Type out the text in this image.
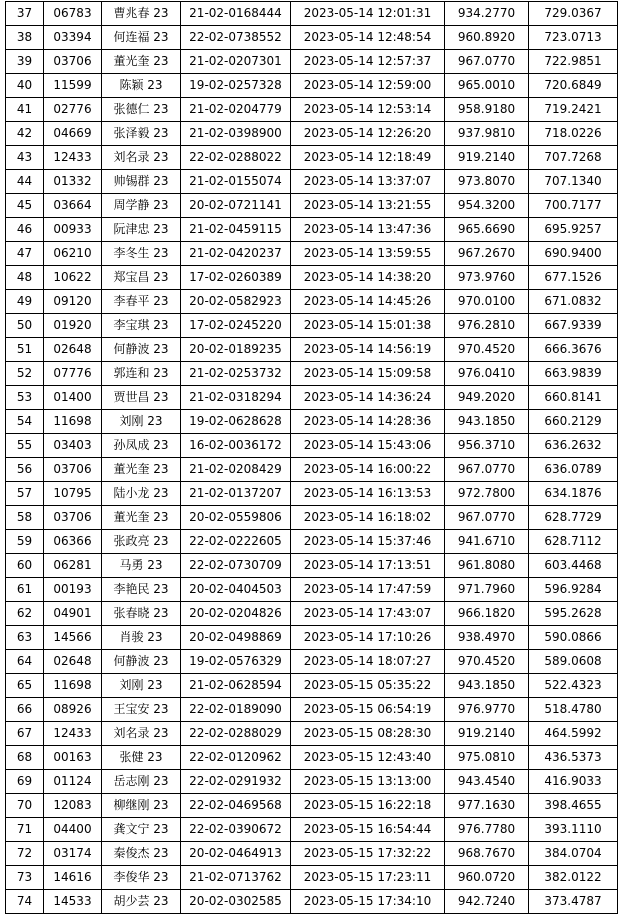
37	06783	曹兆春 23	21-02-0168444	2023-05-14 12:01:31	934.2770	729.0367
38	03394	何连福 23	22-02-0738552	2023-05-14 12:48:54	960.8920	723.0713
39	03706	董光奎 23	21-02-0207301	2023-05-14 12:57:37	967.0770	722.9851
40	11599	陈颖 23	19-02-0257328	2023-05-14 12:59:00	965.0010	720.6849
41	02776	张德仁 23	21-02-0204779	2023-05-14 12:53:14	958.9180	719.2421
42	04669	张泽毅 23	21-02-0398900	2023-05-14 12:26:20	937.9810	718.0226
43	12433	刘名录 23	22-02-0288022	2023-05-14 12:18:49	919.2140	707.7268
44	01332	帅锡群 23	21-02-0155074	2023-05-14 13:37:07	973.8070	707.1340
45	03664	周学静 23	20-02-0721141	2023-05-14 13:21:55	954.3200	700.7177
46	00933	阮津忠 23	21-02-0459115	2023-05-14 13:47:36	965.6690	695.9257
47	06210	李冬生 23	21-02-0420237	2023-05-14 13:59:55	967.2670	690.9400
48	10622	郑宝昌 23	17-02-0260389	2023-05-14 14:38:20	973.9760	677.1526
49	09120	李春平 23	20-02-0582923	2023-05-14 14:45:26	970.0100	671.0832
50	01920	李宝琪 23	17-02-0245220	2023-05-14 15:01:38	976.2810	667.9339
51	02648	何静波 23	20-02-0189235	2023-05-14 14:56:19	970.4520	666.3676
52	07776	郭连和 23	21-02-0253732	2023-05-14 15:09:58	976.0410	663.9839
53	01400	贾世昌 23	21-02-0318294	2023-05-14 14:36:24	949.2020	660.8141
54	11698	刘刚 23	19-02-0628628	2023-05-14 14:28:36	943.1850	660.2129
55	03403	孙凤成 23	16-02-0036172	2023-05-14 15:43:06	956.3710	636.2632
56	03706	董光奎 23	21-02-0208429	2023-05-14 16:00:22	967.0770	636.0789
57	10795	陆小龙 23	21-02-0137207	2023-05-14 16:13:53	972.7800	634.1876
58	03706	董光奎 23	20-02-0559806	2023-05-14 16:18:02	967.0770	628.7729
59	06366	张政亮 23	22-02-0222605	2023-05-14 15:37:46	941.6710	628.7112
60	06281	马勇 23	22-02-0730709	2023-05-14 17:13:51	961.8080	603.4468
61	00193	李艳民 23	20-02-0404503	2023-05-14 17:47:59	971.7960	596.9284
62	04901	张春晓 23	20-02-0204826	2023-05-14 17:43:07	966.1820	595.2628
63	14566	肖骏 23	20-02-0498869	2023-05-14 17:10:26	938.4970	590.0866
64	02648	何静波 23	19-02-0576329	2023-05-14 18:07:27	970.4520	589.0608
65	11698	刘刚 23	21-02-0628594	2023-05-15 05:35:22	943.1850	522.4323
66	08926	王宝安 23	22-02-0189090	2023-05-15 06:54:19	976.9770	518.4780
67	12433	刘名录 23	22-02-0288029	2023-05-15 08:28:30	919.2140	464.5992
68	00163	张健 23	22-02-0120962	2023-05-15 12:43:40	975.0810	436.5373
69	01124	岳志刚 23	22-02-0291932	2023-05-15 13:13:00	943.4540	416.9033
70	12083	柳继刚 23	22-02-0469568	2023-05-15 16:22:18	977.1630	398.4655
71	04400	龚文宁 23	22-02-0390672	2023-05-15 16:54:44	976.7780	393.1110
72	03174	秦俊杰 23	20-02-0464913	2023-05-15 17:32:22	968.7670	384.0704
73	14616	李俊华 23	21-02-0713762	2023-05-15 17:23:11	960.0720	382.0122
74	14533	胡少芸 23	20-02-0302585	2023-05-15 17:34:10	942.7240	373.4787
